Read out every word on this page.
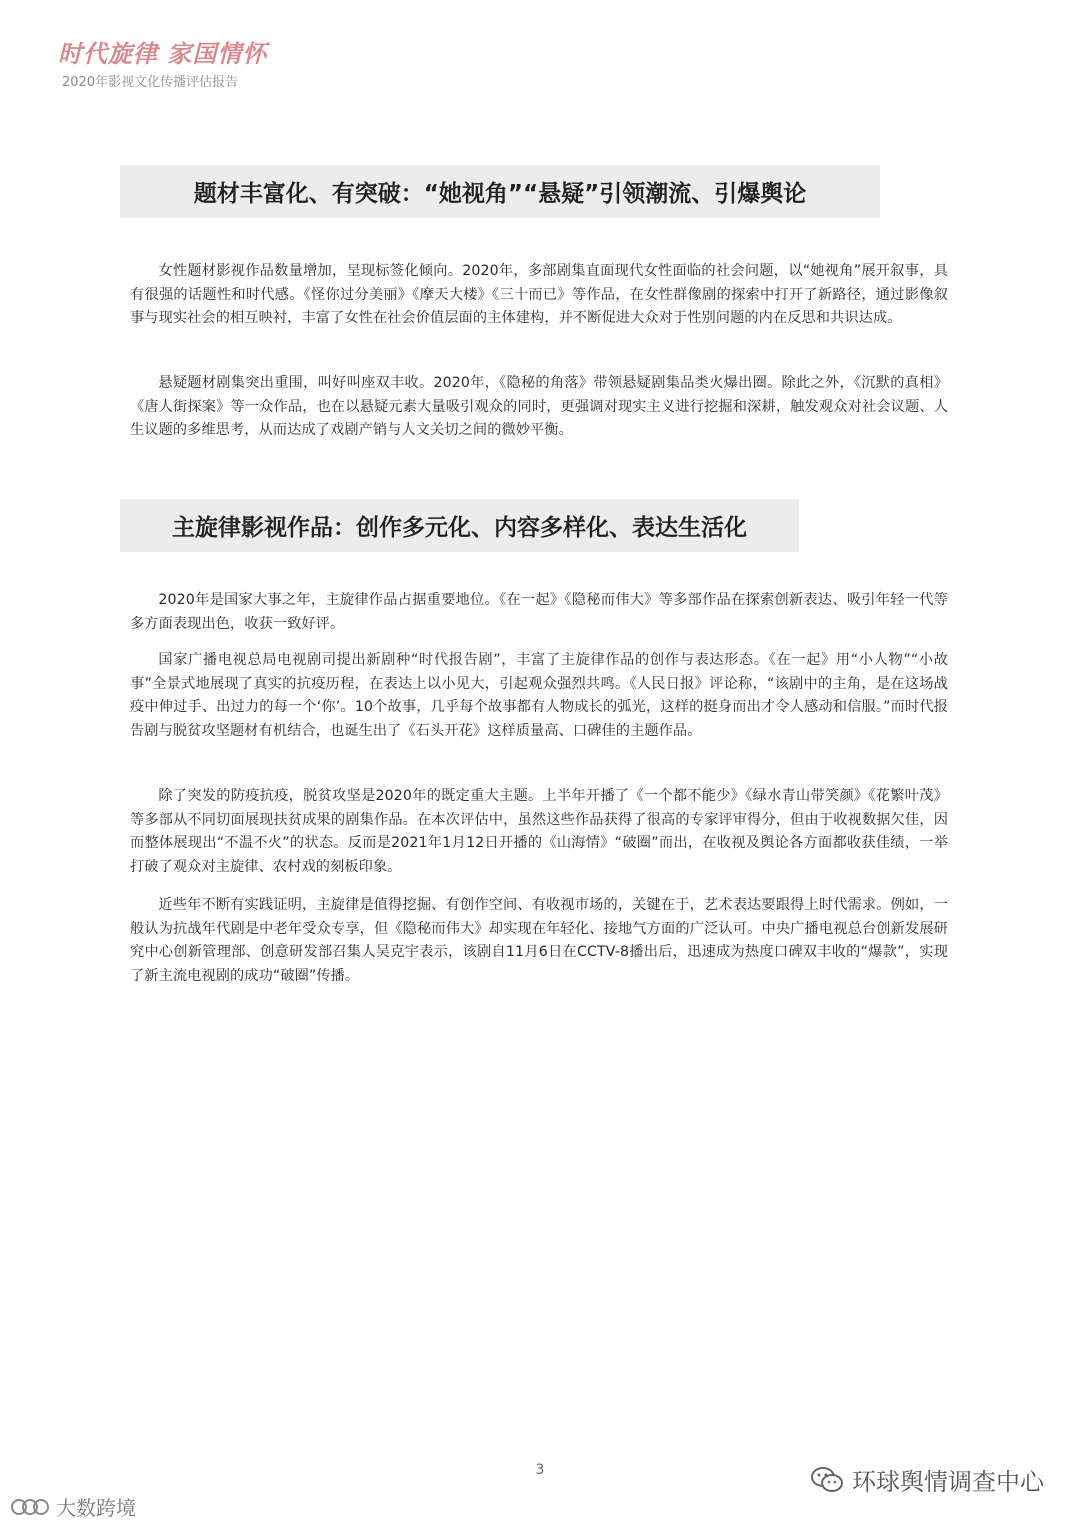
时代旋律 家国情怀
2020年影视文化传播评估报告
题材丰富化、有突破：“她视角”“悬疑”引领潮流、引爆舆论

女性题材影视作品数量增加，呈现标签化倾向。2020年，多部剧集直面现代女性面临的社会问题，以“她视角”展开叙事，具有很强的话题性和时代感。《怪你过分美丽》《摩天大楼》《三十而已》等作品，在女性群像剧的探索中打开了新路径，通过影像叙事与现实社会的相互映衬，丰富了女性在社会价值层面的主体建构，并不断促进大众对于性别问题的内在反思和共识达成。

悬疑题材剧集突出重围，叫好叫座双丰收。2020年，《隐秘的角落》带领悬疑剧集品类火爆出圈。除此之外，《沉默的真相》《唐人街探案》等一众作品，也在以悬疑元素大量吸引观众的同时，更强调对现实主义进行挖掘和深耕，触发观众对社会议题、人生议题的多维思考，从而达成了戏剧产销与人文关切之间的微妙平衡。

主旋律影视作品：创作多元化、内容多样化、表达生活化

2020年是国家大事之年，主旋律作品占据重要地位。《在一起》《隐秘而伟大》等多部作品在探索创新表达、吸引年轻一代等多方面表现出色，收获一致好评。

国家广播电视总局电视剧司提出新剧种“时代报告剧”，丰富了主旋律作品的创作与表达形态。《在一起》用“小人物”“小故事”全景式地展现了真实的抗疫历程，在表达上以小见大，引起观众强烈共鸣。《人民日报》评论称，“该剧中的主角，是在这场战疫中伸过手、出过力的每一个‘你’。10个故事，几乎每个故事都有人物成长的弧光，这样的挺身而出才令人感动和信服。”而时代报告剧与脱贫攻坚题材有机结合，也诞生出了《石头开花》这样质量高、口碑佳的主题作品。

除了突发的防疫抗疫，脱贫攻坚是2020年的既定重大主题。上半年开播了《一个都不能少》《绿水青山带笑颜》《花繁叶茂》等多部从不同切面展现扶贫成果的剧集作品。在本次评估中，虽然这些作品获得了很高的专家评审得分，但由于收视数据欠佳，因而整体展现出“不温不火”的状态。反而是2021年1月12日开播的《山海情》“破圈”而出，在收视及舆论各方面都收获佳绩，一举打破了观众对主旋律、农村戏的刻板印象。

近些年不断有实践证明，主旋律是值得挖掘、有创作空间、有收视市场的，关键在于，艺术表达要跟得上时代需求。例如，一般认为抗战年代剧是中老年受众专享，但《隐秘而伟大》却实现在年轻化、接地气方面的广泛认可。中央广播电视总台创新发展研究中心创新管理部、创意研发部召集人吴克宇表示，该剧自11月6日在CCTV-8播出后，迅速成为热度口碑双丰收的“爆款”，实现了新主流电视剧的成功“破圈”传播。

3	环球舆情调查中心
大数跨境
